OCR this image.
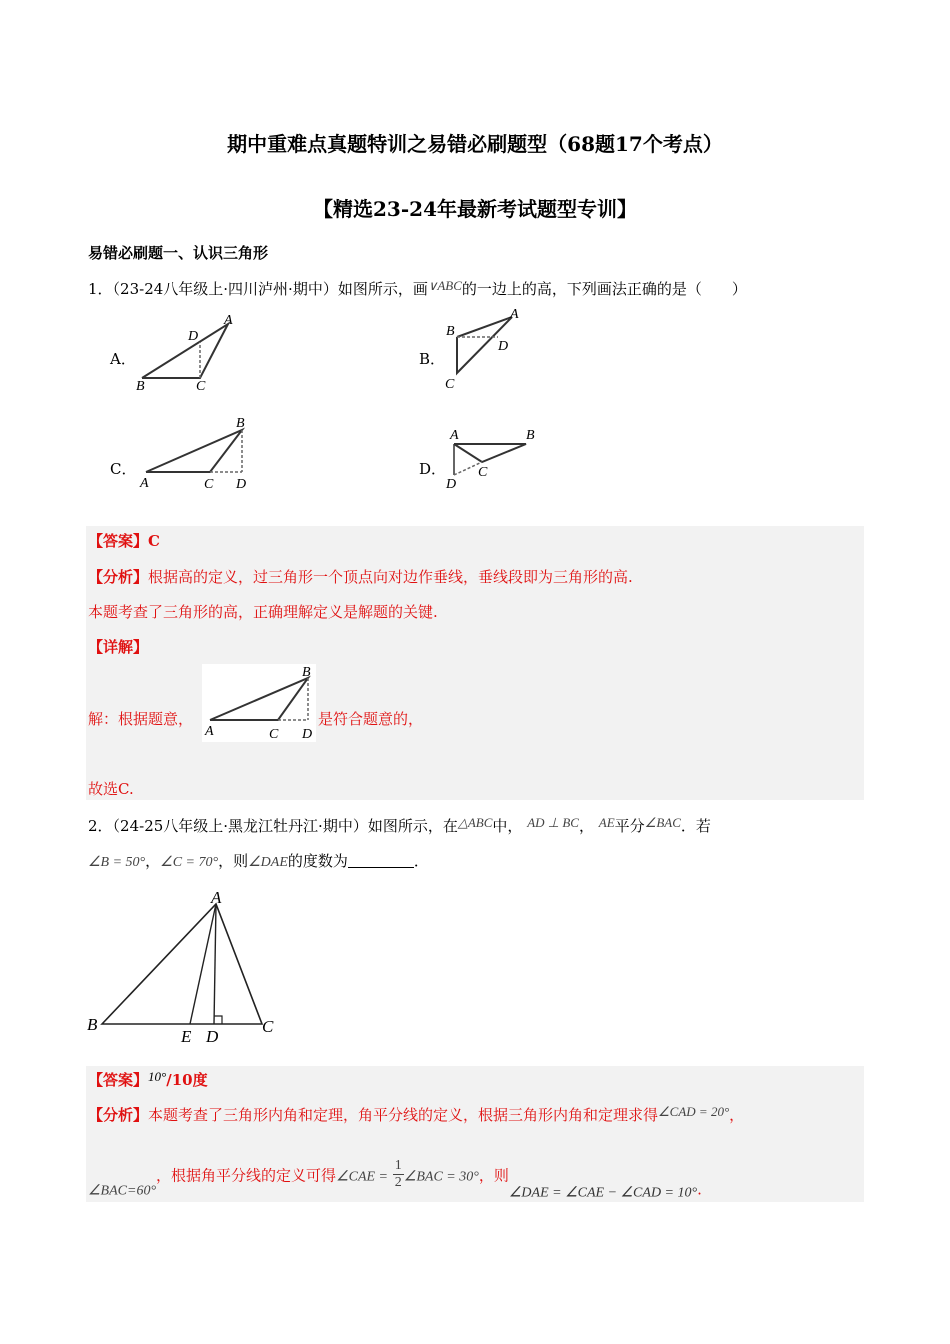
期中重难点真题特训之易错必刷题型（68题17个考点）
【精选23-24年最新考试题型专训】
易错必刷题一、认识三角形
1．（23-24八年级上·四川泸州·期中）如图所示，画∨ABC的一边上的高，下列画法正确的是（　　）
A．
A
B	C
D
B．
A
B
C
D
C．
A
B
C D
D．
A	B
C
D
【答案】C
【分析】根据高的定义，过三角形一个顶点向对边作垂线，垂线段即为三角形的高.
本题考查了三角形的高，正确理解定义是解题的关键.
【详解】
解：根据题意，
A
B
C D
是符合题意的，
故选C.
2．（24-25八年级上·黑龙江牡丹江·期中）如图所示，在△ABC中， AD ⊥ BC， AE平分∠BAC．若
∠B = 50°，∠C = 70°，则∠DAE的度数为	．
A
B
E D
C
【答案】$^{10^\circ}$/10度
【分析】本题考查了三角形内角和定理，角平分线的定义，根据三角形内角和定理求得$^{\angle CAD = 20^\circ}$，
∠BAC=60°，根据角平分线的定义可得∠CAE = $\frac{1}{2}$ ∠BAC = 30°，则∠DAE = ∠CAE − ∠CAD = 10°.
